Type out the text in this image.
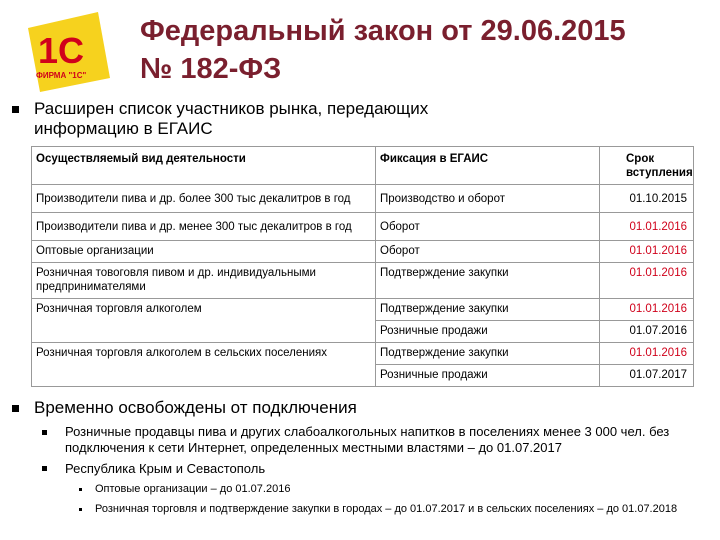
1С
ФИРМА "1С"
Федеральный закон от 29.06.2015
№ 182-ФЗ
Расширен список участников рынка, передающих информацию в ЕГАИС
Осуществляемый вид деятельности	Фиксация в ЕГАИС	Срок вступления
Производители пива и др. более 300 тыс декалитров в год	Производство и оборот	01.10.2015
Производители пива и др. менее 300 тыс декалитров в год	Оборот	01.01.2016
Оптовые организации	Оборот	01.01.2016
Розничная товоговля пивом и др. индивидуальными предпринимателями	Подтверждение закупки	01.01.2016
Розничная торговля алкоголем	Подтверждение закупки	01.01.2016
	Розничные продажи	01.07.2016
Розничная торговля алкоголем в сельских поселениях	Подтверждение закупки	01.01.2016
	Розничные продажи	01.07.2017
Временно освобождены от подключения
Розничные продавцы пива и других слабоалкогольных напитков в поселениях менее 3 000 чел. без подключения к сети Интернет, определенных местными властями – до 01.07.2017
Республика Крым и Севастополь
Оптовые организации – до 01.07.2016
Розничная торговля и подтверждение закупки в городах – до 01.07.2017 и в сельских поселениях – до 01.07.2018
